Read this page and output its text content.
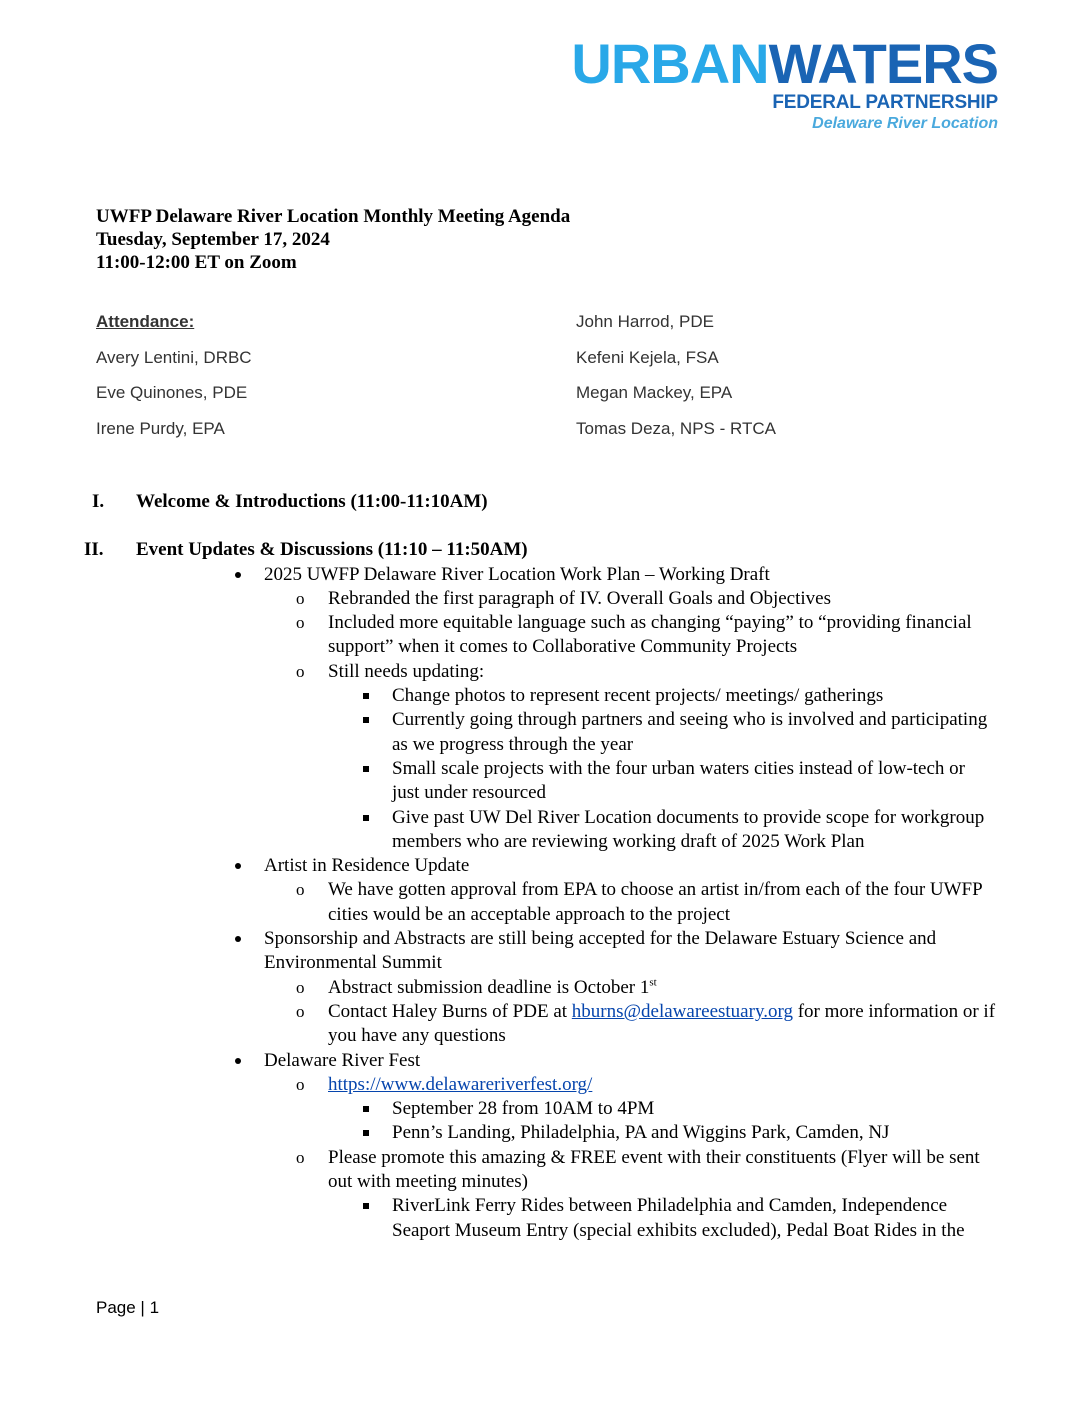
URBANWATERS
FEDERAL PARTNERSHIP
Delaware River Location
UWFP Delaware River Location Monthly Meeting Agenda
Tuesday, September 17, 2024
11:00-12:00 ET on Zoom
Attendance:
Avery Lentini, DRBC
Eve Quinones, PDE
Irene Purdy, EPA
John Harrod, PDE
Kefeni Kejela, FSA
Megan Mackey, EPA
Tomas Deza, NPS - RTCA
I.	Welcome & Introductions (11:00-11:10AM)
II.	Event Updates & Discussions (11:10 – 11:50AM)
2025 UWFP Delaware River Location Work Plan – Working Draft
o Rebranded the first paragraph of IV. Overall Goals and Objectives
o Included more equitable language such as changing “paying” to “providing financial support” when it comes to Collaborative Community Projects
o Still needs updating:
Change photos to represent recent projects/ meetings/ gatherings
Currently going through partners and seeing who is involved and participating as we progress through the year
Small scale projects with the four urban waters cities instead of low-tech or just under resourced
Give past UW Del River Location documents to provide scope for workgroup members who are reviewing working draft of 2025 Work Plan
Artist in Residence Update
o We have gotten approval from EPA to choose an artist in/from each of the four UWFP cities would be an acceptable approach to the project
Sponsorship and Abstracts are still being accepted for the Delaware Estuary Science and Environmental Summit
o Abstract submission deadline is October 1st
o Contact Haley Burns of PDE at hburns@delawareestuary.org for more information or if you have any questions
Delaware River Fest
o https://www.delawareriverfest.org/
September 28 from 10AM to 4PM
Penn’s Landing, Philadelphia, PA and Wiggins Park, Camden, NJ
o Please promote this amazing & FREE event with their constituents (Flyer will be sent out with meeting minutes)
RiverLink Ferry Rides between Philadelphia and Camden, Independence Seaport Museum Entry (special exhibits excluded), Pedal Boat Rides in the
Page | 1
